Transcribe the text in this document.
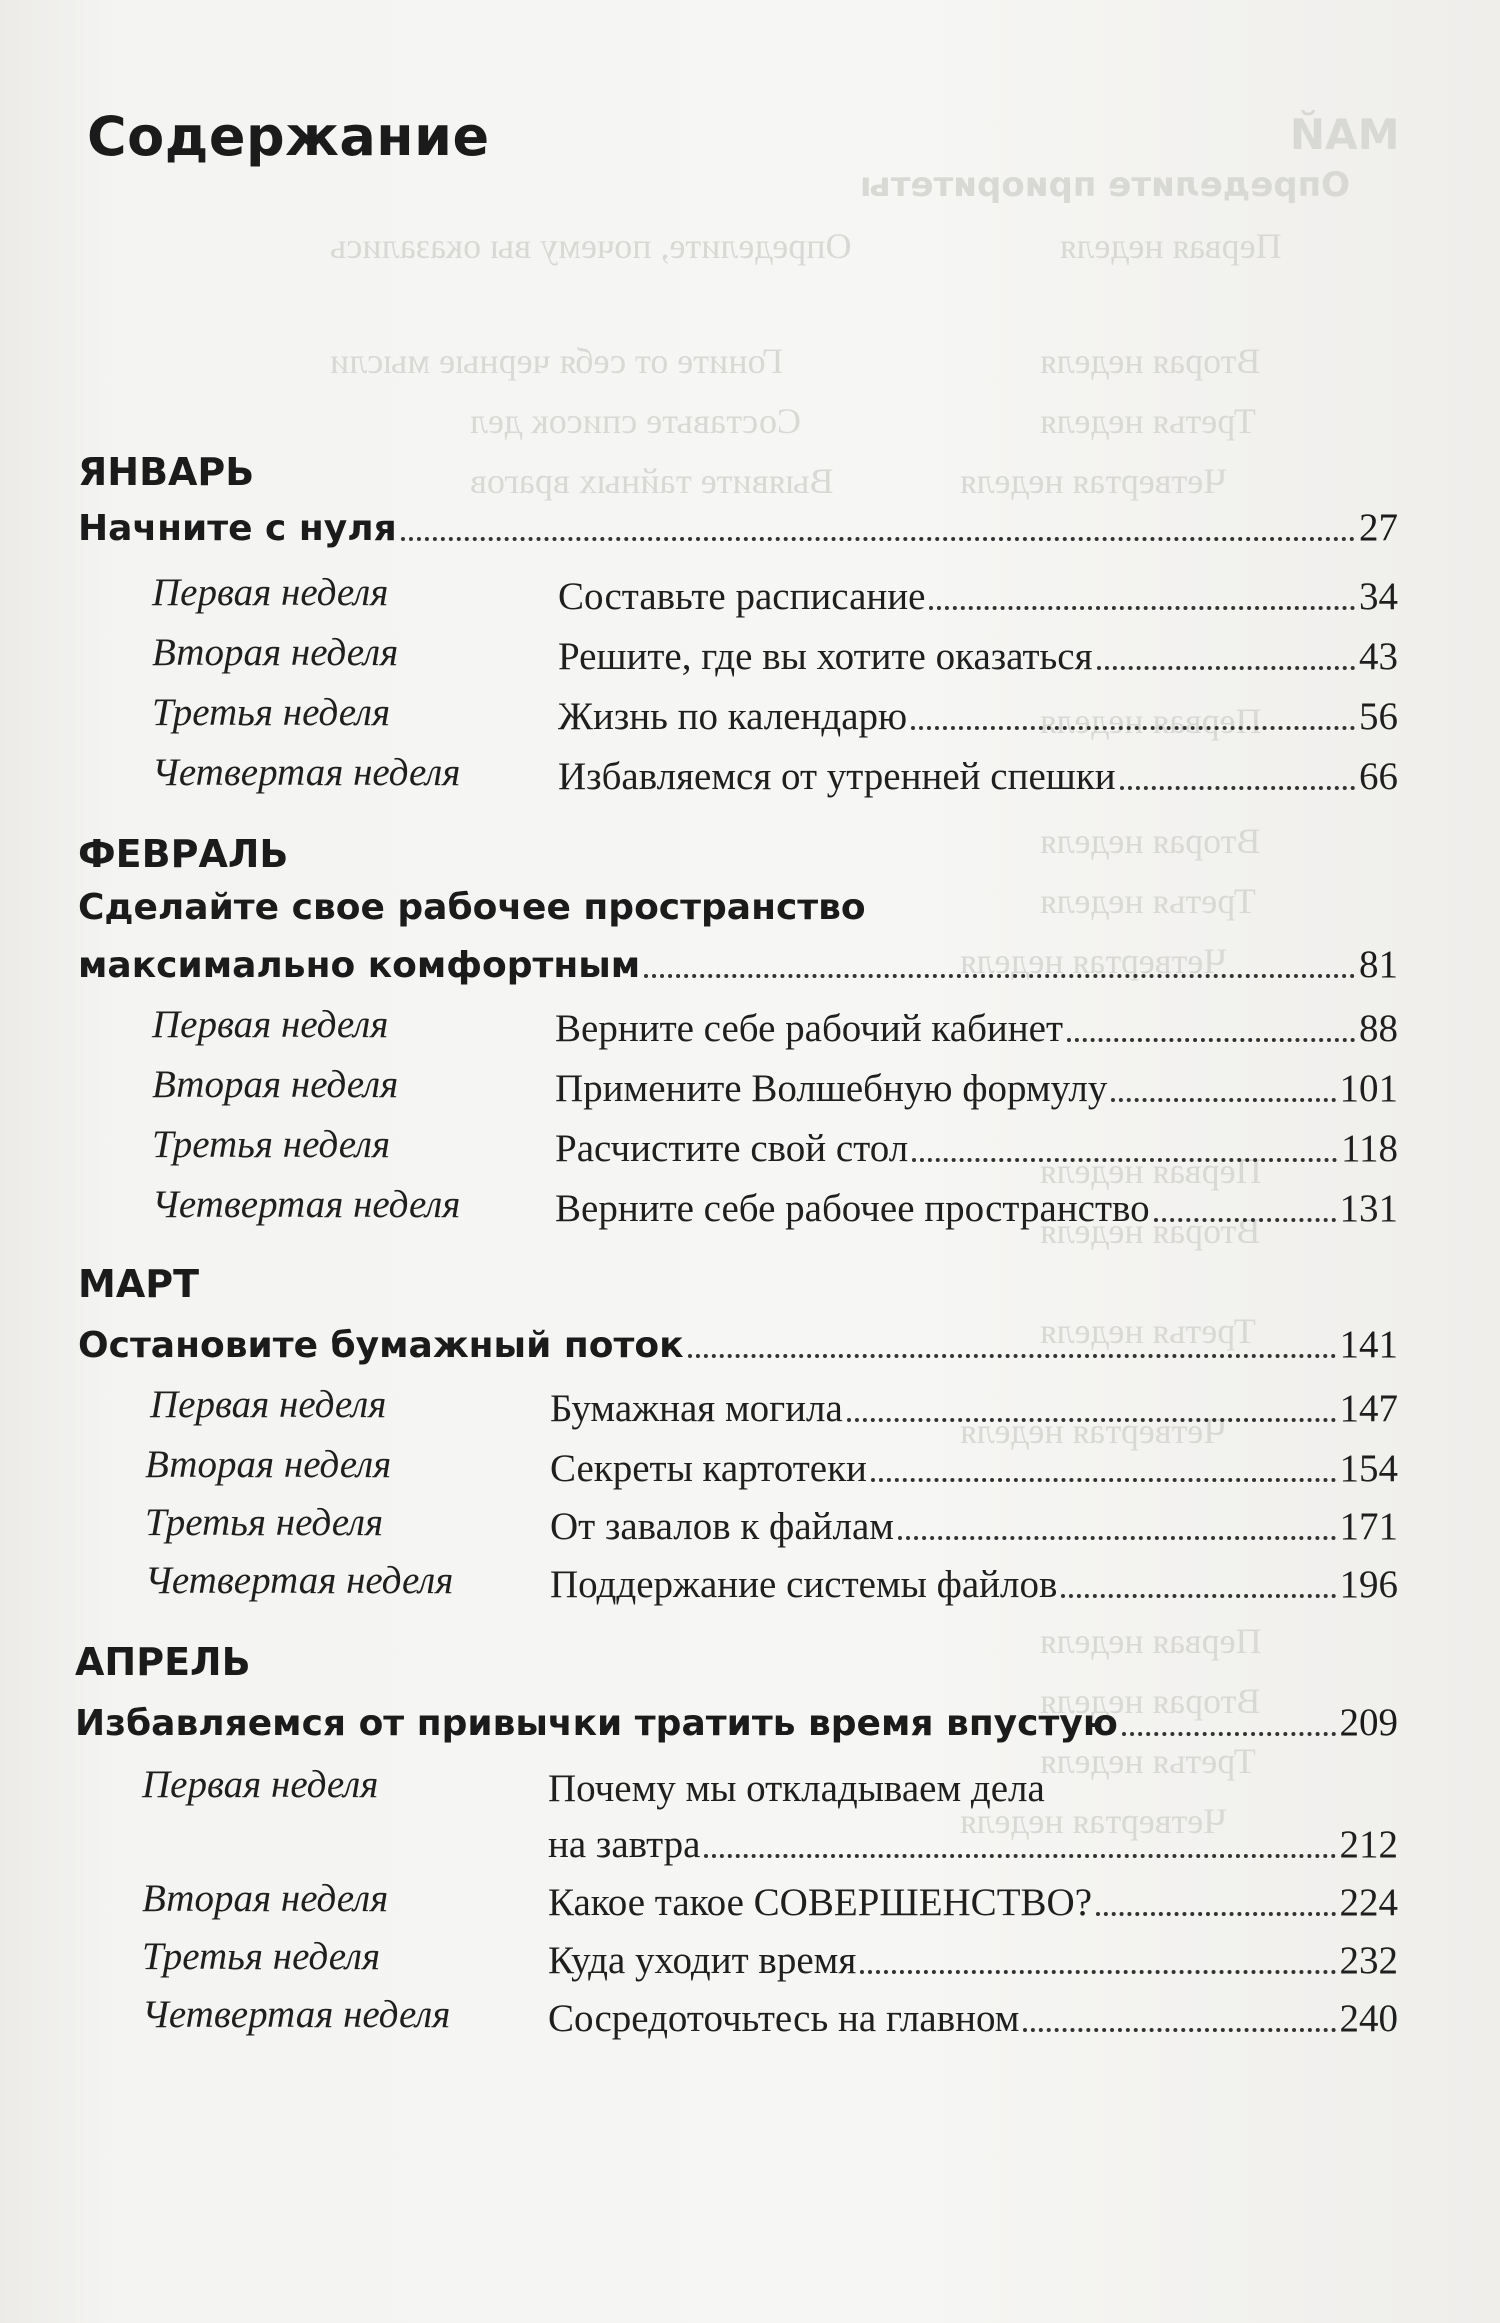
МАЙ
Определите приоритеты
Первая неделя
Определите, почему вы оказались
Вторая неделя
Гоните от себя черные мысли
Третья неделя
Составьте список дел
Четвертая неделя
Выявите тайных врагов
Первая неделя
Вторая неделя
Третья неделя
Четвертая неделя
Первая неделя
Вторая неделя
Третья неделя
Четвертая неделя
Первая неделя
Вторая неделя
Третья неделя
Четвертая неделя
Содержание
ЯНВАРЬ
Начните с нуля	27
Первая неделя	Составьте расписание	34
Вторая неделя	Решите, где вы хотите оказаться	43
Третья неделя	Жизнь по календарю	56
Четвертая неделя	Избавляемся от утренней спешки	66
ФЕВРАЛЬ
Сделайте свое рабочее пространство
максимально комфортным	81
Первая неделя	Верните себе рабочий кабинет	88
Вторая неделя	Примените Волшебную формулу	101
Третья неделя	Расчистите свой стол	118
Четвертая неделя Верните себе рабочее пространство	131
МАРТ
Остановите бумажный поток	141
Первая неделя	Бумажная могила	147
Вторая неделя	Секреты картотеки	154
Третья неделя	От завалов к файлам	171
Четвертая неделя Поддержание системы файлов	196
АПРЕЛЬ
Избавляемся от привычки тратить время впустую	209
Первая неделя	Почему мы откладываем дела
на завтра	212
Вторая неделя	Какое такое СОВЕРШЕНСТВО?	224
Третья неделя	Куда уходит время	232
Четвертая неделя	Сосредоточьтесь на главном	240
